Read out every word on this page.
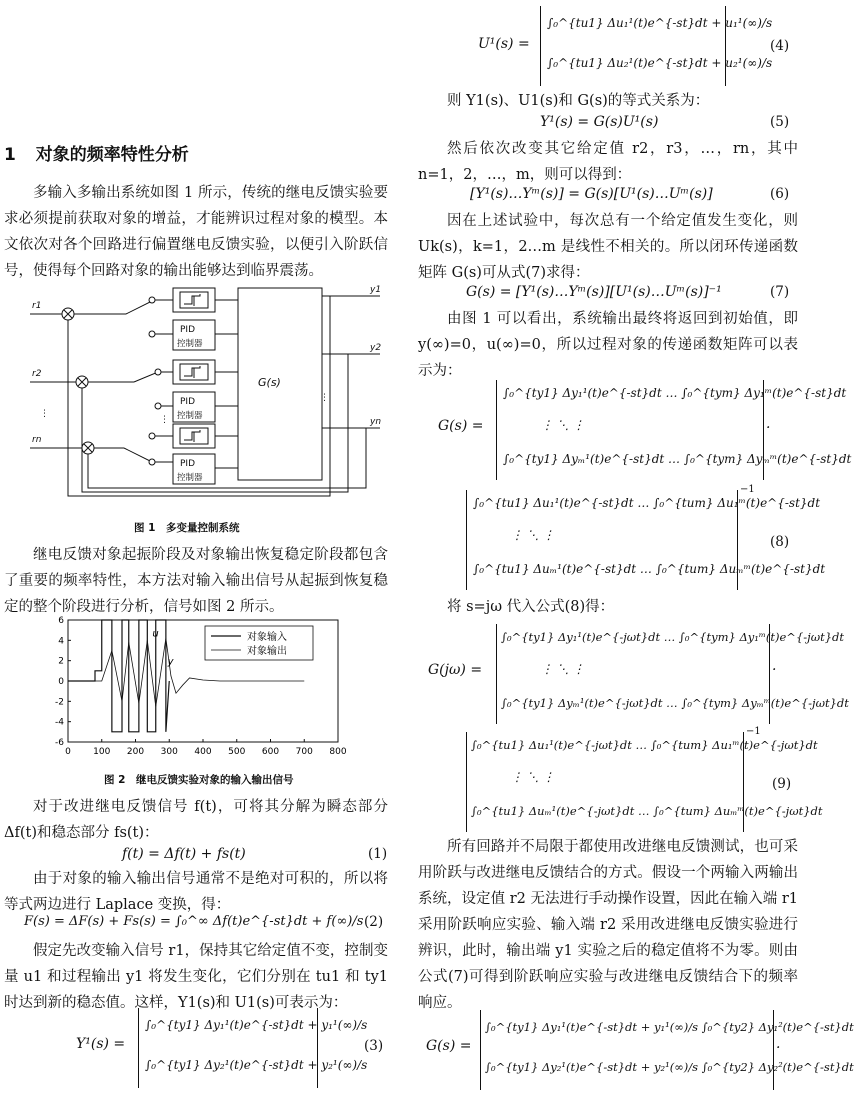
1 对象的频率特性分析
多输入多输出系统如图 1 所示，传统的继电反馈实验要求必须提前获取对象的增益，才能辨识过程对象的模型。本文依次对各个回路进行偏置继电反馈实验，以便引入阶跃信号，使得每个回路对象的输出能够达到临界震荡。
r1
r2
rn
⋮
⋮
⋮
PID
控制器
PID
控制器
PID
控制器
G(s)
y1
y2
yn
图 1　多变量控制系统
继电反馈对象起振阶段及对象输出恢复稳定阶段都包含了重要的频率特性，本方法对输入输出信号从起振到恢复稳定的整个阶段进行分析，信号如图 2 所示。
0 100 200 300 400 500 600 700 800
-6
-4
-2
0
2
4
6
对象输入
对象输出
u
y
图 2　继电反馈实验对象的输入输出信号
对于改进继电反馈信号 f(t)，可将其分解为瞬态部分 Δf(t)和稳态部分 fs(t)：
f(t) = Δf(t) + fs(t)	(1)
由于对象的输入输出信号通常不是绝对可积的，所以将等式两边进行 Laplace 变换，得：
F(s) = ΔF(s) + Fs(s) = ∫₀^∞ Δf(t)e^{-st}dt + f(∞)/s (2)
假定先改变输入信号 r1，保持其它给定值不变，控制变量 u1 和过程输出 y1 将发生变化，它们分别在 tu1 和 ty1 时达到新的稳态值。这样，Y1(s)和 U1(s)可表示为：
Y¹(s) =
∫₀^{ty1} Δy₁¹(t)e^{-st}dt + y₁¹(∞)/s
∫₀^{ty1} Δy₂¹(t)e^{-st}dt + y₂¹(∞)/s
(3)
U¹(s) =
∫₀^{tu1} Δu₁¹(t)e^{-st}dt + u₁¹(∞)/s
∫₀^{tu1} Δu₂¹(t)e^{-st}dt + u₂¹(∞)/s
(4)
则 Y1(s)、U1(s)和 G(s)的等式关系为：
Y¹(s) = G(s)U¹(s)	(5)
然后依次改变其它给定值 r2，r3，…，rn，其中 n=1，2，…，m，则可以得到：
[Y¹(s)…Yᵐ(s)] = G(s)[U¹(s)…Uᵐ(s)]	(6)
因在上述试验中，每次总有一个给定值发生变化，则 Uk(s)，k=1，2…m 是线性不相关的。所以闭环传递函数矩阵 G(s)可从式(7)求得：
G(s) = [Y¹(s)…Yᵐ(s)][U¹(s)…Uᵐ(s)]⁻¹	(7)
由图 1 可以看出，系统输出最终将返回到初始值，即 y(∞)=0，u(∞)=0，所以过程对象的传递函数矩阵可以表示为：
G(s) =
∫₀^{ty1} Δy₁¹(t)e^{-st}dt … ∫₀^{tym} Δy₁ᵐ(t)e^{-st}dt
⋮ ⋱ ⋮
∫₀^{ty1} Δyₘ¹(t)e^{-st}dt … ∫₀^{tym} Δyₘᵐ(t)e^{-st}dt
·
∫₀^{tu1} Δu₁¹(t)e^{-st}dt … ∫₀^{tum} Δu₁ᵐ(t)e^{-st}dt
⋮ ⋱ ⋮
∫₀^{tu1} Δuₘ¹(t)e^{-st}dt … ∫₀^{tum} Δuₘᵐ(t)e^{-st}dt
−1
(8)
将 s=jω 代入公式(8)得：
G(jω) =
∫₀^{ty1} Δy₁¹(t)e^{-jωt}dt … ∫₀^{tym} Δy₁ᵐ(t)e^{-jωt}dt
⋮ ⋱ ⋮
∫₀^{ty1} Δyₘ¹(t)e^{-jωt}dt … ∫₀^{tym} Δyₘᵐ(t)e^{-jωt}dt
·
∫₀^{tu1} Δu₁¹(t)e^{-jωt}dt … ∫₀^{tum} Δu₁ᵐ(t)e^{-jωt}dt
⋮ ⋱ ⋮
∫₀^{tu1} Δuₘ¹(t)e^{-jωt}dt … ∫₀^{tum} Δuₘᵐ(t)e^{-jωt}dt
−1
(9)
所有回路并不局限于都使用改进继电反馈测试，也可采用阶跃与改进继电反馈结合的方式。假设一个两输入两输出系统，设定值 r2 无法进行手动操作设置，因此在输入端 r1 采用阶跃响应实验、输入端 r2 采用改进继电反馈实验进行辨识，此时，输出端 y1 实验之后的稳定值将不为零。则由公式(7)可得到阶跃响应实验与改进继电反馈结合下的频率响应。
G(s) =
∫₀^{ty1} Δy₁¹(t)e^{-st}dt + y₁¹(∞)/s ∫₀^{ty2} Δy₁²(t)e^{-st}dt
∫₀^{ty1} Δy₂¹(t)e^{-st}dt + y₂¹(∞)/s ∫₀^{ty2} Δy₂²(t)e^{-st}dt
·
